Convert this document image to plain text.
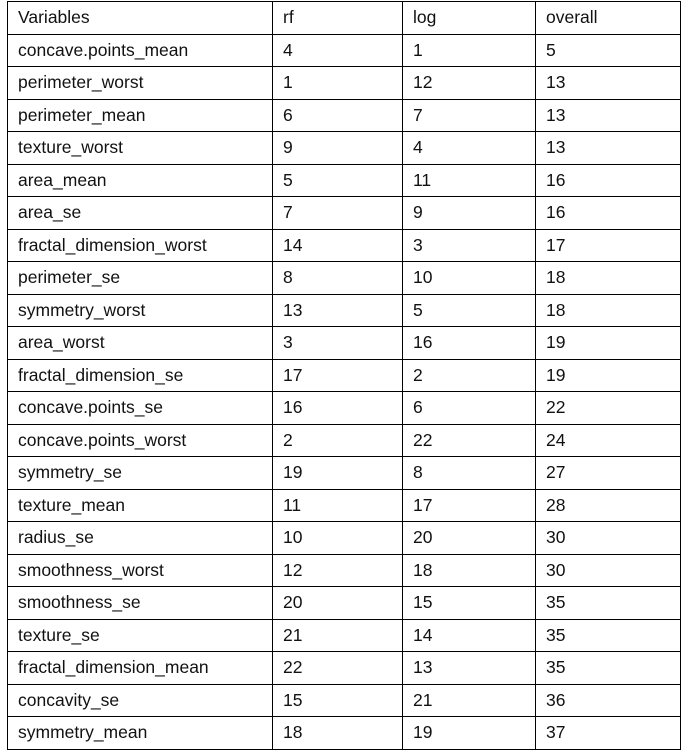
Variables	rf	log	overall
concave.points_mean	4	1	5
perimeter_worst	1	12	13
perimeter_mean	6	7	13
texture_worst	9	4	13
area_mean	5	11	16
area_se	7	9	16
fractal_dimension_worst	14	3	17
perimeter_se	8	10	18
symmetry_worst	13	5	18
area_worst	3	16	19
fractal_dimension_se	17	2	19
concave.points_se	16	6	22
concave.points_worst	2	22	24
symmetry_se	19	8	27
texture_mean	11	17	28
radius_se	10	20	30
smoothness_worst	12	18	30
smoothness_se	20	15	35
texture_se	21	14	35
fractal_dimension_mean	22	13	35
concavity_se	15	21	36
symmetry_mean	18	19	37
